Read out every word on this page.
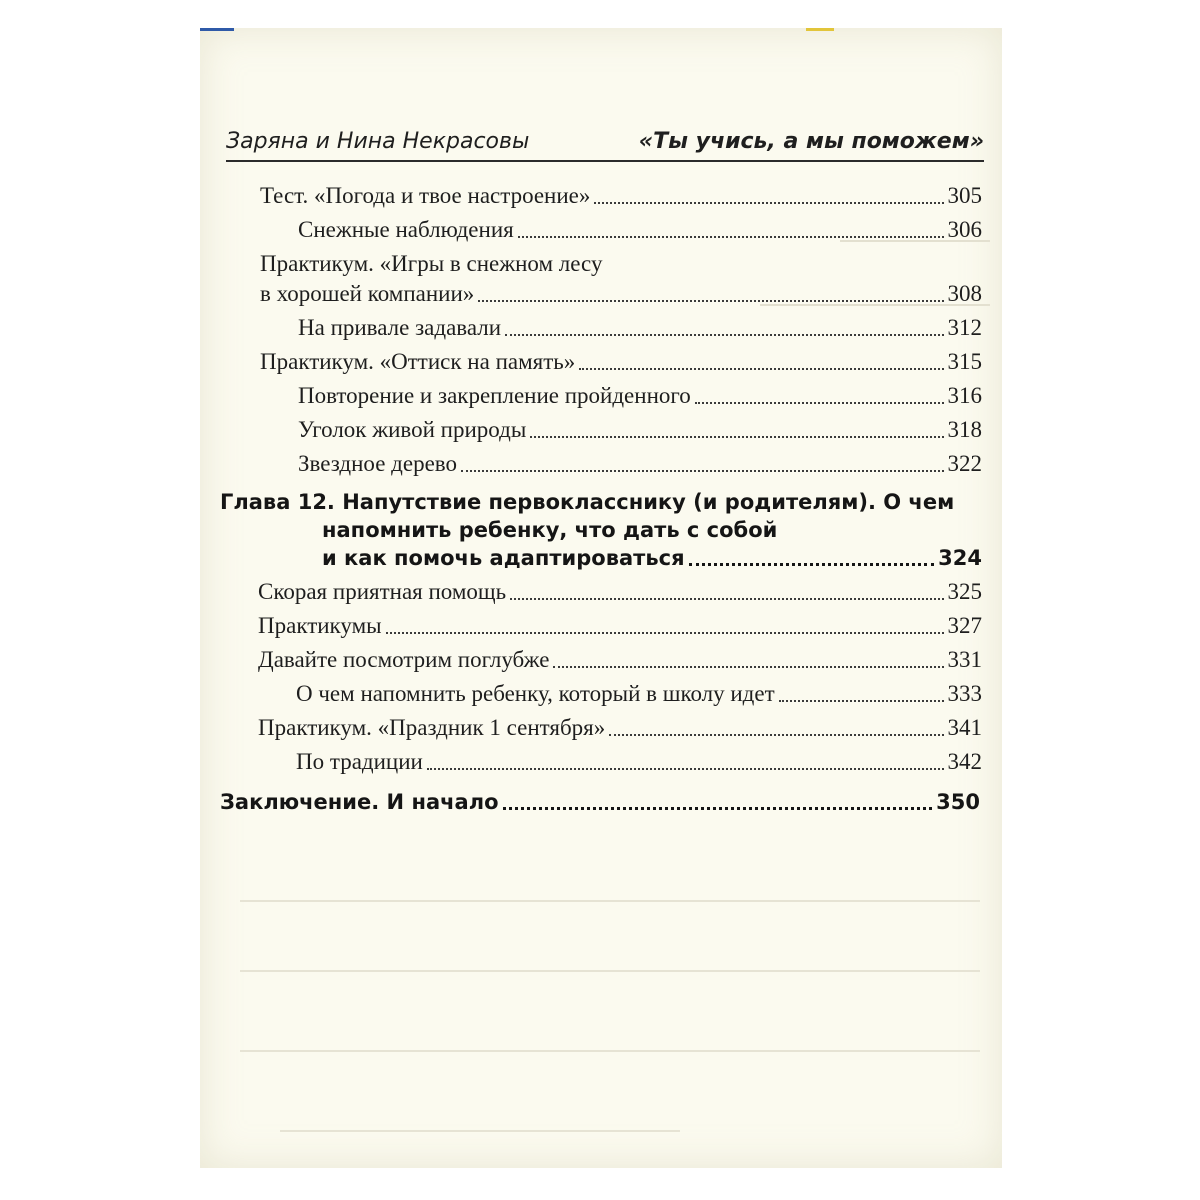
Заряна и Нина Некрасовы	«Ты учись, а мы поможем»
Тест. «Погода и твое настроение»	305
Снежные наблюдения	306
Практикум. «Игры в снежном лесу
в хорошей компании»	308
На привале задавали	312
Практикум. «Оттиск на память»	315
Повторение и закрепление пройденного	316
Уголок живой природы	318
Звездное дерево	322
Глава 12. Напутствие первокласснику (и родителям). О чем
напомнить ребенку, что дать с собой
и как помочь адаптироваться	324
Скорая приятная помощь	325
Практикумы	327
Давайте посмотрим поглубже	331
О чем напомнить ребенку, который в школу идет	333
Практикум. «Праздник 1 сентября»	341
По традиции	342
Заключение. И начало	350
